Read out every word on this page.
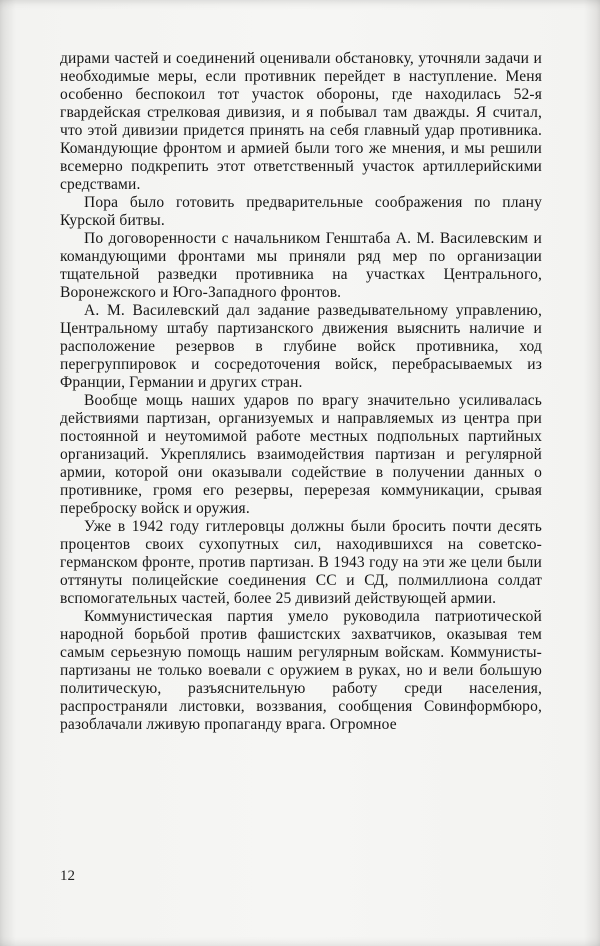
дирами частей и соединений оценивали обстановку, уточняли задачи и необходимые меры, если противник перейдет в наступление. Меня особенно беспокоил тот участок обороны, где находилась 52-я гвардейская стрелковая дивизия, и я побывал там дважды. Я считал, что этой дивизии придется принять на себя главный удар противника. Командующие фронтом и армией были того же мнения, и мы решили всемерно подкрепить этот ответственный участок артиллерийскими средствами.

Пора было готовить предварительные соображения по плану Курской битвы.

По договоренности с начальником Генштаба А. М. Василевским и командующими фронтами мы приняли ряд мер по организации тщательной разведки противника на участках Центрального, Воронежского и Юго-Западного фронтов.

А. М. Василевский дал задание разведывательному управлению, Центральному штабу партизанского движения выяснить наличие и расположение резервов в глубине войск противника, ход перегруппировок и сосредоточения войск, перебрасываемых из Франции, Германии и других стран.

Вообще мощь наших ударов по врагу значительно усиливалась действиями партизан, организуемых и направляемых из центра при постоянной и неутомимой работе местных подпольных партийных организаций. Укреплялись взаимодействия партизан и регулярной армии, которой они оказывали содействие в получении данных о противнике, громя его резервы, перерезая коммуникации, срывая переброску войск и оружия.

Уже в 1942 году гитлеровцы должны были бросить почти десять процентов своих сухопутных сил, находившихся на советско-германском фронте, против партизан. В 1943 году на эти же цели были оттянуты полицейские соединения СС и СД, полмиллиона солдат вспомогательных частей, более 25 дивизий действующей армии.

Коммунистическая партия умело руководила патриотической народной борьбой против фашистских захватчиков, оказывая тем самым серьезную помощь нашим регулярным войскам. Коммунисты-партизаны не только воевали с оружием в руках, но и вели большую политическую, разъяснительную работу среди населения, распространяли листовки, воззвания, сообщения Совинформбюро, разоблачали лживую пропаганду врага. Огромное

12
